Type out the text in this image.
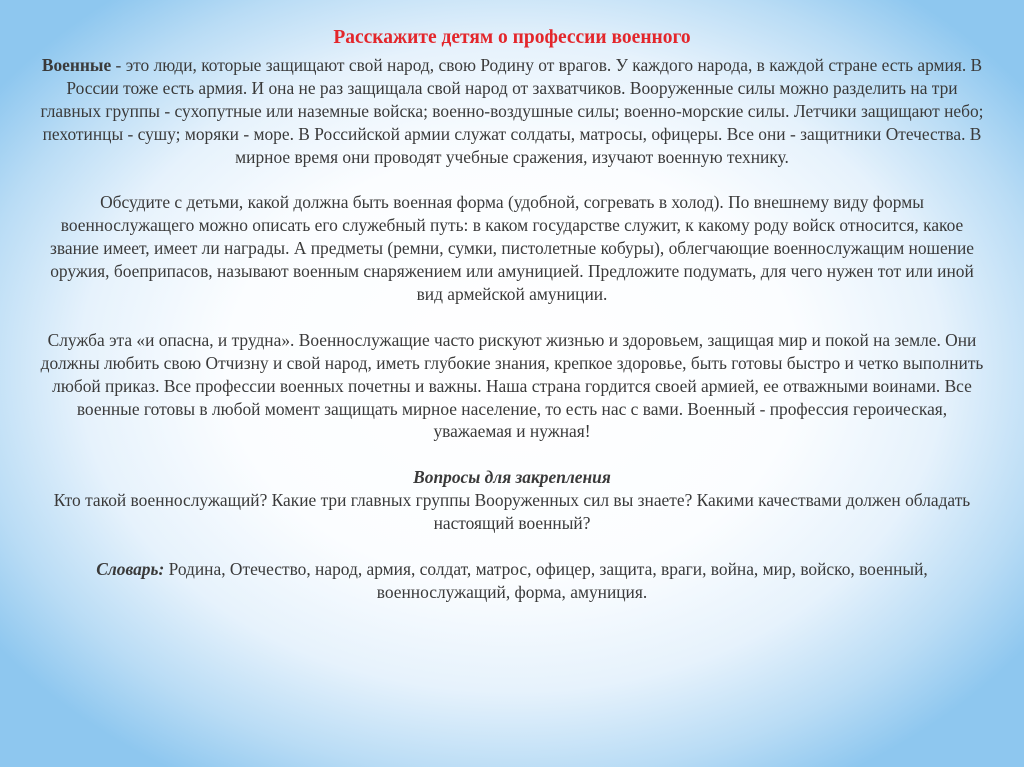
Расскажите детям о профессии военного

Военные - это люди, которые защищают свой народ, свою Родину от врагов. У каждого народа, в каждой стране есть армия. В России тоже есть армия. И она не раз защищала свой народ от захватчиков. Вооруженные силы можно разделить на три главных группы - сухопутные или наземные войска; военно-воздушные силы; военно-морские силы. Летчики защищают небо; пехотинцы - сушу; моряки - море. В Российской армии служат солдаты, матросы, офицеры. Все они - защитники Отечества. В мирное время они проводят учебные сражения, изучают военную технику.

Обсудите с детьми, какой должна быть военная форма (удобной, согревать в холод). По внешнему виду формы военнослужащего можно описать его служебный путь: в каком государстве служит, к какому роду войск относится, какое звание имеет, имеет ли награды. А предметы (ремни, сумки, пистолетные кобуры), облегчающие военнослужащим ношение оружия, боеприпасов, называют военным снаряжением или амуницией. Предложите подумать, для чего нужен тот или иной вид армейской амуниции.

Служба эта «и опасна, и трудна». Военнослужащие часто рискуют жизнью и здоровьем, защищая мир и покой на земле. Они должны любить свою Отчизну и свой народ, иметь глубокие знания, крепкое здоровье, быть готовы быстро и четко выполнить любой приказ. Все профессии военных почетны и важны. Наша страна гордится своей армией, ее отважными воинами. Все военные готовы в любой момент защищать мирное население, то есть нас с вами. Военный - профессия героическая, уважаемая и нужная!

Вопросы для закрепления

Кто такой военнослужащий? Какие три главных группы Вооруженных сил вы знаете? Какими качествами должен обладать настоящий военный?

Словарь: Родина, Отечество, народ, армия, солдат, матрос, офицер, защита, враги, война, мир, войско, военный, военнослужащий, форма, амуниция.
